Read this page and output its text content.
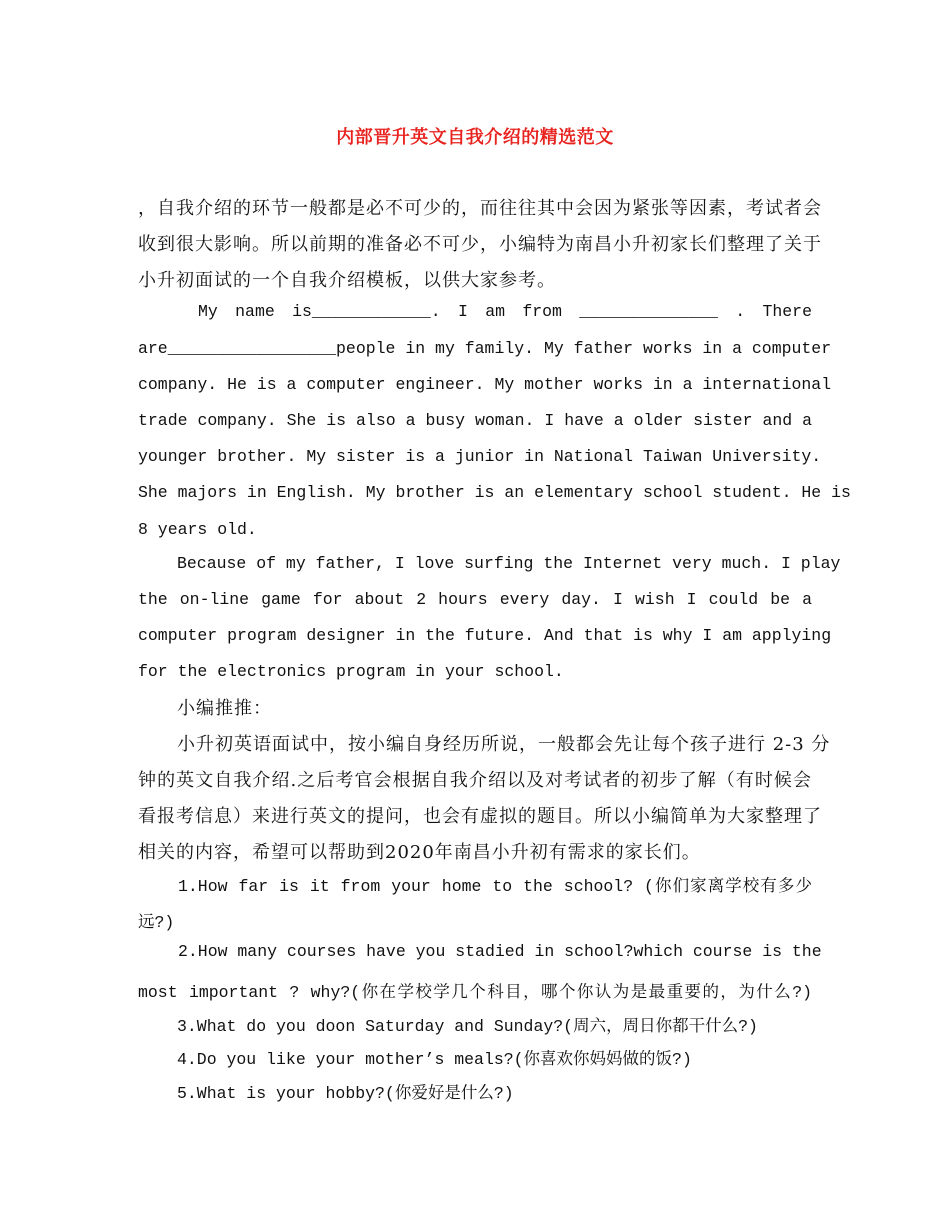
内部晋升英文自我介绍的精选范文
，自我介绍的环节一般都是必不可少的，而往往其中会因为紧张等因素，考试者会
收到很大影响。所以前期的准备必不可少，小编特为南昌小升初家长们整理了关于
小升初面试的一个自我介绍模板，以供大家参考。
My name is____________. I am from ______________ . There
are_________________people in my family. My father works in a computer
company. He is a computer engineer. My mother works in a international
trade company. She is also a busy woman. I have a older sister and a
younger brother. My sister is a junior in National Taiwan University.
She majors in English. My brother is an elementary school student. He is
8 years old.
Because of my father, I love surfing the Internet very much. I play
the on-line game for about 2 hours every day. I wish I could be a
computer program designer in the future. And that is why I am applying
for the electronics program in your school.
小编推推：
小升初英语面试中，按小编自身经历所说，一般都会先让每个孩子进行 2-3 分
钟的英文自我介绍.之后考官会根据自我介绍以及对考试者的初步了解（有时候会
看报考信息）来进行英文的提问，也会有虚拟的题目。所以小编简单为大家整理了
相关的内容，希望可以帮助到2020年南昌小升初有需求的家长们。
1.How far is it from your home to the school? (你们家离学校有多少
远?)
2.How many courses have you stadied in school?which course is the
most important ? why?(你在学校学几个科目，哪个你认为是最重要的，为什么?)
3.What do you doon Saturday and Sunday?(周六，周日你都干什么?)
4.Do you like your mother’s meals?(你喜欢你妈妈做的饭?)
5.What is your hobby?(你爱好是什么?)
